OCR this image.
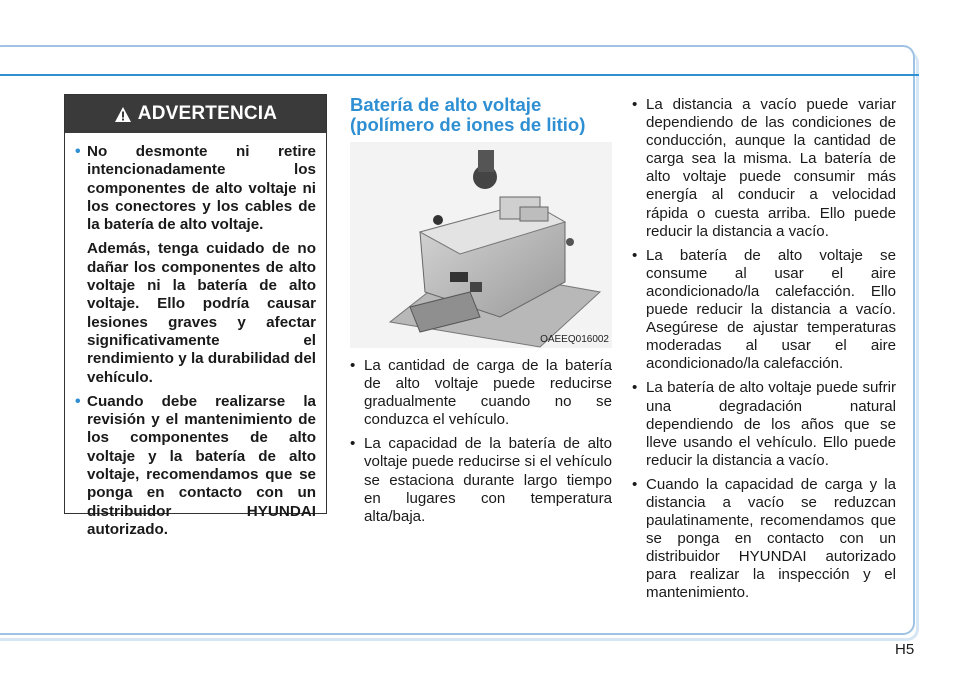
ADVERTENCIA

• No desmonte ni retire intencionadamente los componentes de alto voltaje ni los conectores y los cables de la batería de alto voltaje.

Además, tenga cuidado de no dañar los componentes de alto voltaje ni la batería de alto voltaje. Ello podría causar lesiones graves y afectar significativamente el rendimiento y la durabilidad del vehículo.

• Cuando debe realizarse la revisión y el mantenimiento de los componentes de alto voltaje y la batería de alto voltaje, recomendamos que se ponga en contacto con un distribuidor HYUNDAI autorizado.

Batería de alto voltaje
(polímero de iones de litio)
OAEEQ016002
• La cantidad de carga de la batería de alto voltaje puede reducirse gradualmente cuando no se conduzca el vehículo.
• La capacidad de la batería de alto voltaje puede reducirse si el vehículo se estaciona durante largo tiempo en lugares con temperatura alta/baja.
• La distancia a vacío puede variar dependiendo de las condiciones de conducción, aunque la cantidad de carga sea la misma. La batería de alto voltaje puede consumir más energía al conducir a velocidad rápida o cuesta arriba. Ello puede reducir la distancia a vacío.
• La batería de alto voltaje se consume al usar el aire acondicionado/la calefacción. Ello puede reducir la distancia a vacío. Asegúrese de ajustar temperaturas moderadas al usar el aire acondicionado/la calefacción.
• La batería de alto voltaje puede sufrir una degradación natural dependiendo de los años que se lleve usando el vehículo. Ello puede reducir la distancia a vacío.
• Cuando la capacidad de carga y la distancia a vacío se reduzcan paulatinamente, recomendamos que se ponga en contacto con un distribuidor HYUNDAI autorizado para realizar la inspección y el mantenimiento.
H5
